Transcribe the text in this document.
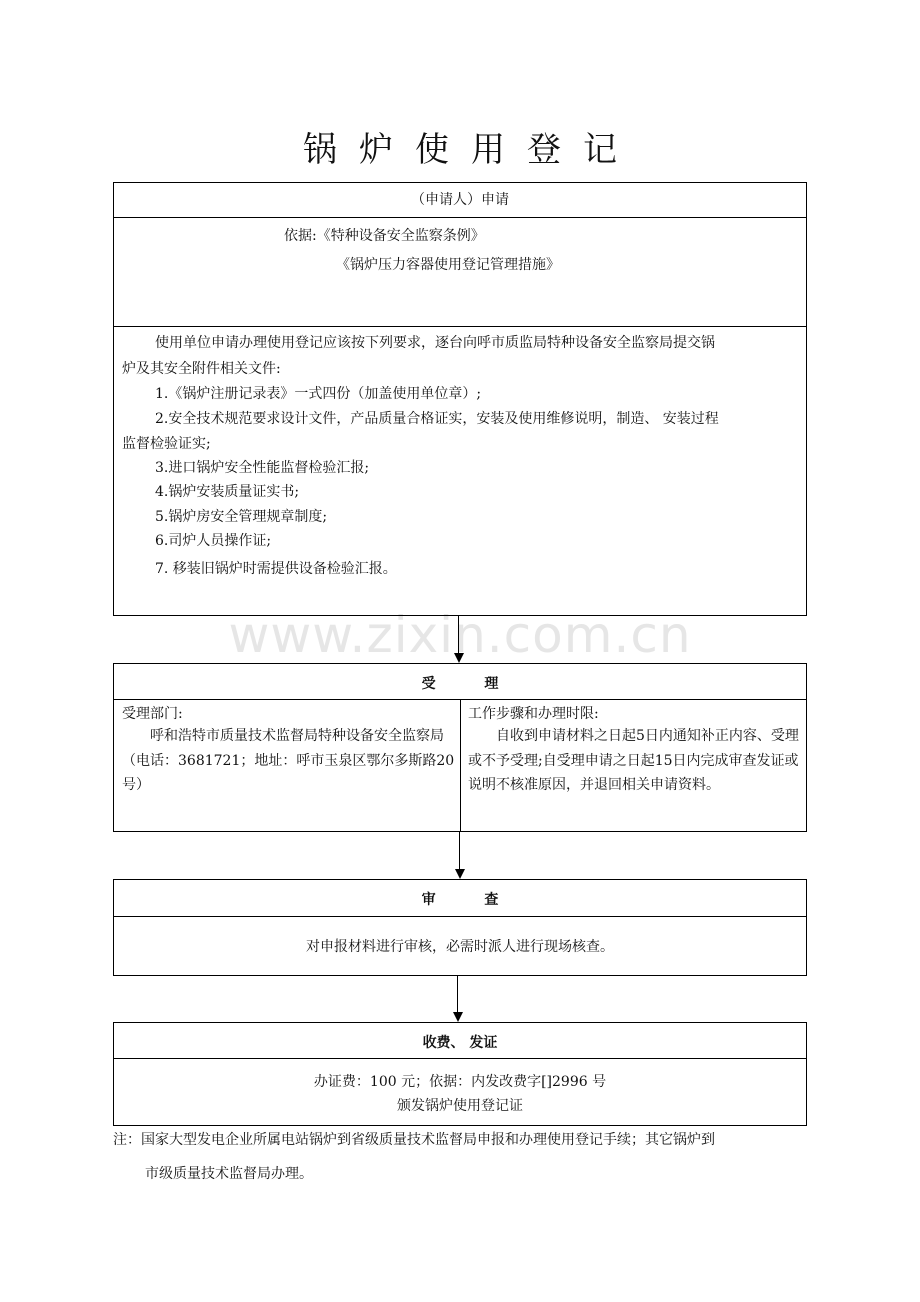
www.zixin.com.cn
锅炉使用登记
（申请人）申请
依据:《特种设备安全监察条例》
《锅炉压力容器使用登记管理措施》
使用单位申请办理使用登记应该按下列要求，逐台向呼市质监局特种设备安全监察局提交锅
炉及其安全附件相关文件:
1.《锅炉注册记录表》一式四份（加盖使用单位章）;
2.安全技术规范要求设计文件，产品质量合格证实，安装及使用维修说明，制造、 安装过程
监督检验证实;
3.进口锅炉安全性能监督检验汇报;
4.锅炉安装质量证实书;
5.锅炉房安全管理规章制度;
6.司炉人员操作证;
7. 移装旧锅炉时需提供设备检验汇报。
受          理
受理部门:
呼和浩特市质量技术监督局特种设备安全监察局（电话：3681721；地址：呼市玉泉区鄂尔多斯路20号）
工作步骤和办理时限:
自收到申请材料之日起5日内通知补正内容、受理或不予受理;自受理申请之日起15日内完成审查发证或说明不核准原因，并退回相关申请资料。
审          查
对申报材料进行审核，必需时派人进行现场核查。
收费、 发证
办证费：100 元；依据：内发改费字[]2996 号
颁发锅炉使用登记证
注：国家大型发电企业所属电站锅炉到省级质量技术监督局申报和办理使用登记手续；其它锅炉到
市级质量技术监督局办理。
